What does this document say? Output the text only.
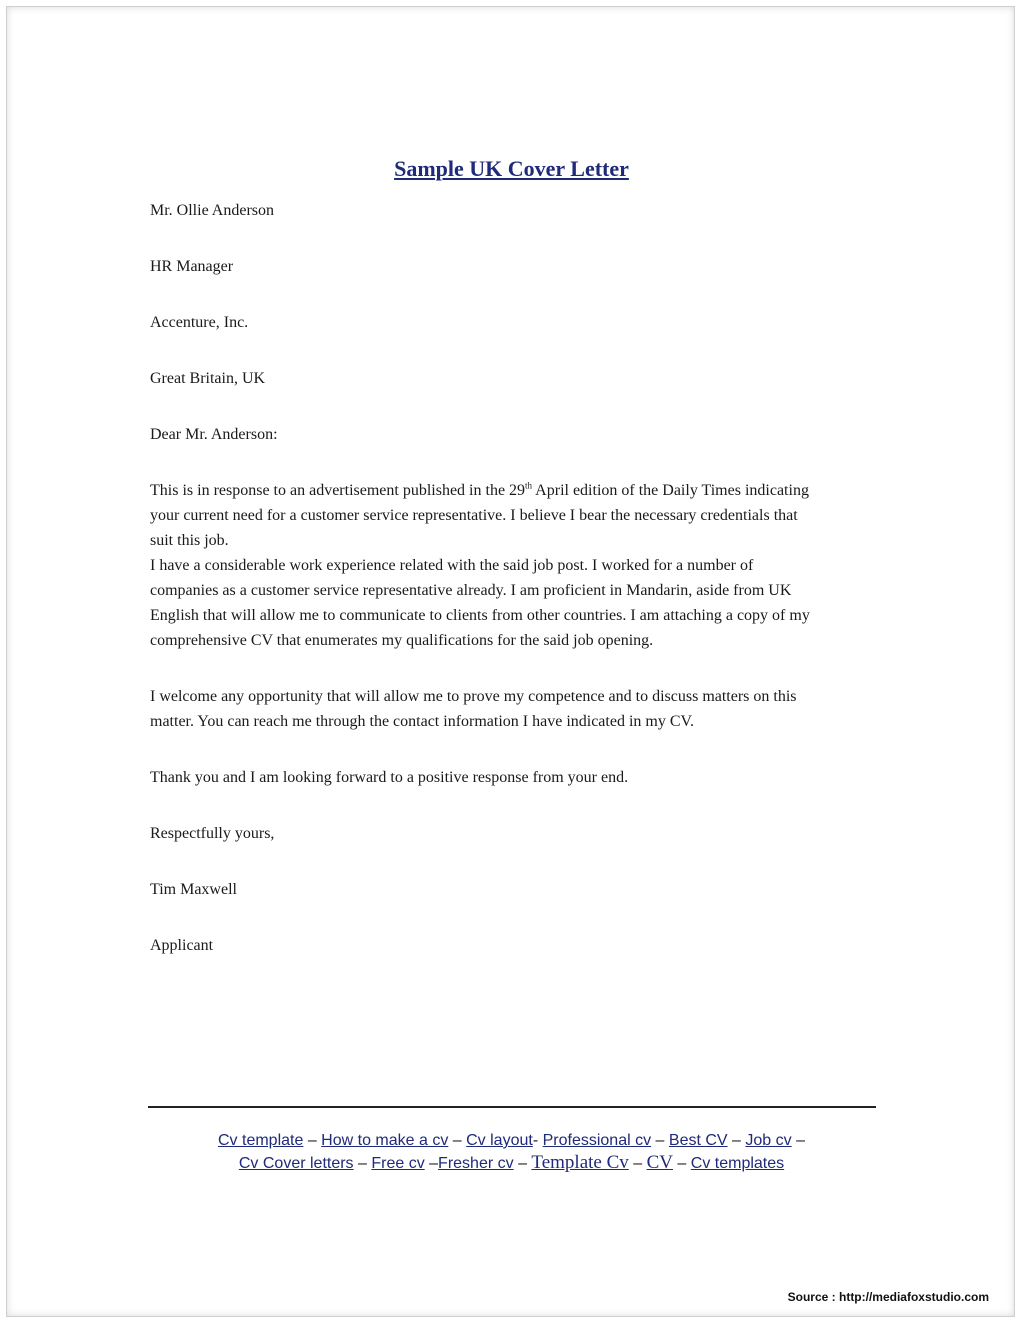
Sample UK Cover Letter

Mr. Ollie Anderson

HR Manager

Accenture, Inc.

Great Britain, UK

Dear Mr. Anderson:

This is in response to an advertisement published in the 29th April edition of the Daily Times indicating

your current need for a customer service representative. I believe I bear the necessary credentials that

suit this job.

I have a considerable work experience related with the said job post. I worked for a number of

companies as a customer service representative already. I am proficient in Mandarin, aside from UK

English that will allow me to communicate to clients from other countries. I am attaching a copy of my

comprehensive CV that enumerates my qualifications for the said job opening.

I welcome any opportunity that will allow me to prove my competence and to discuss matters on this

matter. You can reach me through the contact information I have indicated in my CV.

Thank you and I am looking forward to a positive response from your end.

Respectfully yours,

Tim Maxwell

Applicant

Cv template – How to make a cv – Cv layout- Professional cv – Best CV – Job cv –
Cv Cover letters – Free cv –Fresher cv – Template Cv – CV – Cv templates
Source : http://mediafoxstudio.com
